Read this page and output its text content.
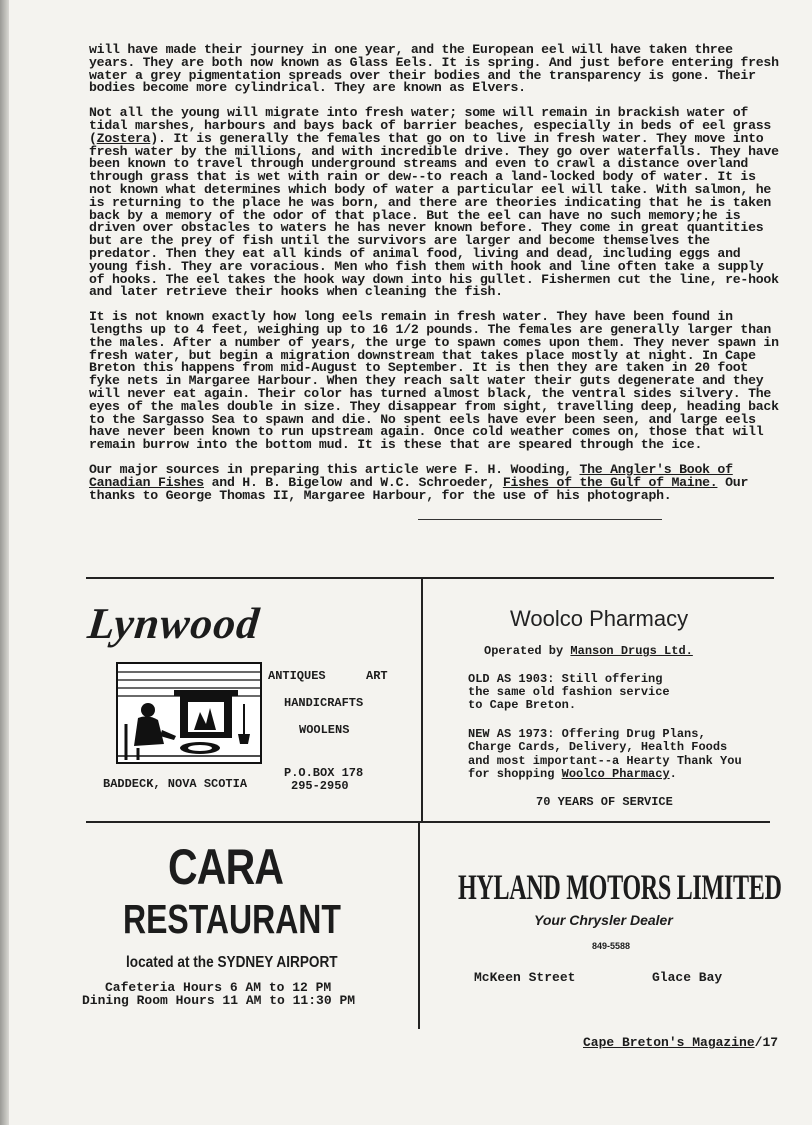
will have made their journey in one year, and the European eel will have taken three years. They are both now known as Glass Eels. It is spring. And just before entering fresh water a grey pigmentation spreads over their bodies and the transparency is gone. Their bodies become more cylindrical. They are known as Elvers.

Not all the young will migrate into fresh water; some will remain in brackish water of tidal marshes, harbours and bays back of barrier beaches, especially in beds of eel grass (Zostera). It is generally the females that go on to live in fresh water. They move into fresh water by the millions, and with incredible drive. They go over waterfalls. They have been known to travel through underground streams and even to crawl a distance overland through grass that is wet with rain or dew--to reach a land-locked body of water. It is not known what determines which body of water a particular eel will take. With salmon, he is returning to the place he was born, and there are theories indicating that he is taken back by a memory of the odor of that place. But the eel can have no such memory;he is driven over obstacles to waters he has never known before. They come in great quantities but are the prey of fish until the survivors are larger and become themselves the predator. Then they eat all kinds of animal food, living and dead, including eggs and young fish. They are voracious. Men who fish them with hook and line often take a supply of hooks. The eel takes the hook way down into his gullet. Fishermen cut the line, re-hook and later retrieve their hooks when cleaning the fish.

It is not known exactly how long eels remain in fresh water. They have been found in lengths up to 4 feet, weighing up to 16 1/2 pounds. The females are generally larger than the males. After a number of years, the urge to spawn comes upon them. They never spawn in fresh water, but begin a migration downstream that takes place mostly at night. In Cape Breton this happens from mid-August to September. It is then they are taken in 20 foot fyke nets in Margaree Harbour. When they reach salt water their guts degenerate and they will never eat again. Their color has turned almost black, the ventral sides silvery. The eyes of the males double in size. They disappear from sight, travelling deep, heading back to the Sargasso Sea to spawn and die. No spent eels have ever been seen, and large eels have never been known to run upstream again. Once cold weather comes on, those that will remain burrow into the bottom mud. It is these that are speared through the ice.

Our major sources in preparing this article were F. H. Wooding, The Angler's Book of Canadian Fishes and H. B. Bigelow and W.C. Schroeder, Fishes of the Gulf of Maine. Our thanks to George Thomas II, Margaree Harbour, for the use of his photograph.

Lynwood
ANTIQUES	ART
HANDICRAFTS
WOOLENS
P.O.BOX 178
BADDECK, NOVA SCOTIA	295-2950
Woolco Pharmacy
Operated by Manson Drugs Ltd.
OLD AS 1903: Still offering
the same old fashion service
to Cape Breton.
NEW AS 1973: Offering Drug Plans,
Charge Cards, Delivery, Health Foods
and most important--a Hearty Thank You
for shopping Woolco Pharmacy.
70 YEARS OF SERVICE
CARA
RESTAURANT
located at the SYDNEY AIRPORT
Cafeteria Hours 6 AM to 12 PM
Dining Room Hours 11 AM to 11:30 PM
HYLAND MOTORS LIMITED
Your Chrysler Dealer
849-5588
McKeen Street	Glace Bay
Cape Breton's Magazine/17
